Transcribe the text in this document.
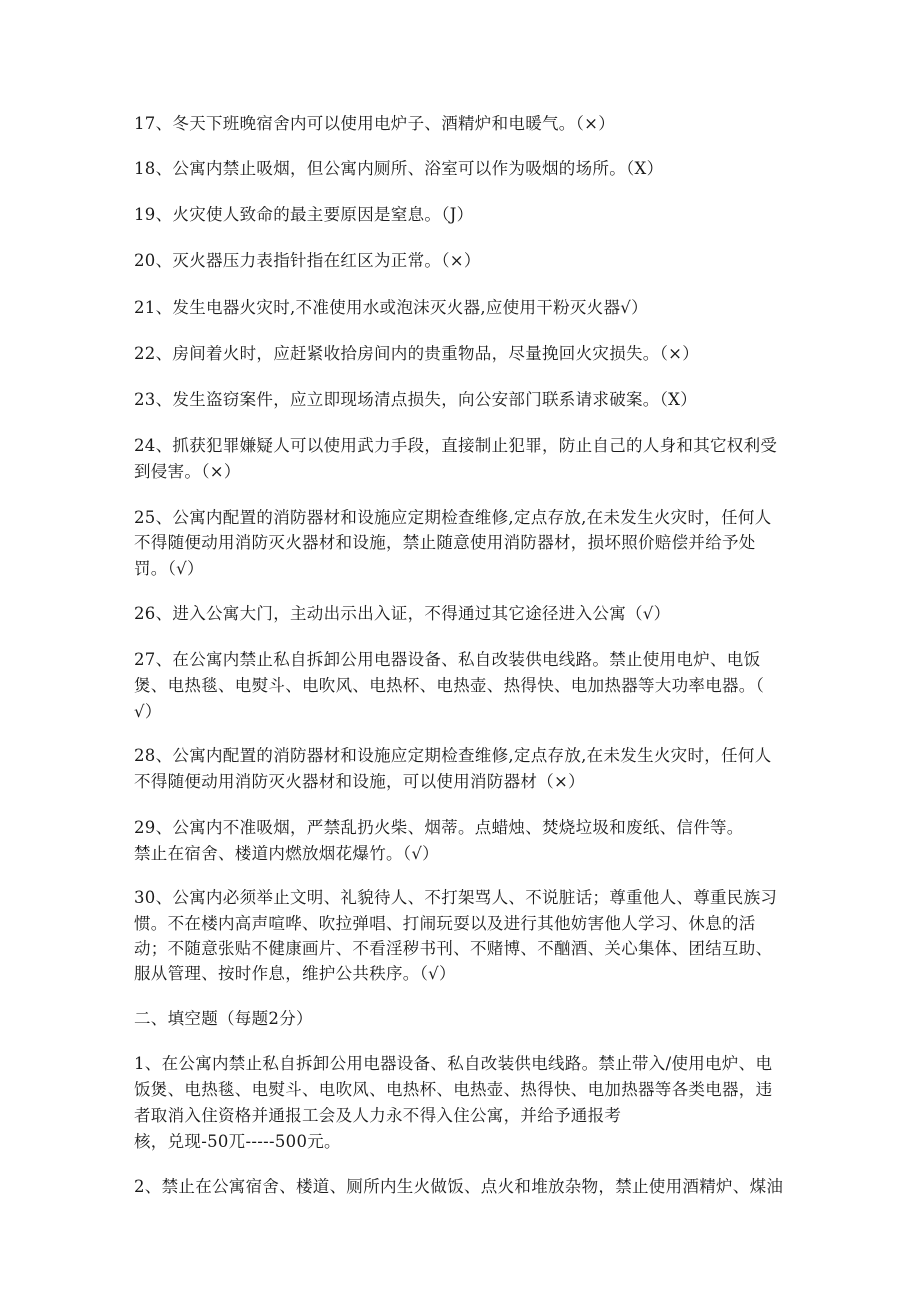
17、冬天下班晚宿舍内可以使用电炉子、酒精炉和电暖气。（×）
18、公寓内禁止吸烟，但公寓内厕所、浴室可以作为吸烟的场所。（X）
19、火灾使人致命的最主要原因是窒息。（J）
20、灭火器压力表指针指在红区为正常。（×）
21、发生电器火灾时,不准使用水或泡沫灭火器,应使用干粉灭火器√）
22、房间着火时，应赶紧收拾房间内的贵重物品，尽量挽回火灾损失。（×）
23、发生盗窃案件，应立即现场清点损失，向公安部门联系请求破案。（X）
24、抓获犯罪嫌疑人可以使用武力手段，直接制止犯罪，防止自己的人身和其它权利受
到侵害。（×）
25、公寓内配置的消防器材和设施应定期检查维修,定点存放,在未发生火灾时，任何人
不得随便动用消防灭火器材和设施，禁止随意使用消防器材，损坏照价赔偿并给予处
罚。（√）
26、进入公寓大门，主动出示出入证，不得通过其它途径进入公寓（√）
27、在公寓内禁止私自拆卸公用电器设备、私自改装供电线路。禁止使用电炉、电饭
煲、电热毯、电熨斗、电吹风、电热杯、电热壶、热得快、电加热器等大功率电器。（
√）
28、公寓内配置的消防器材和设施应定期检查维修,定点存放,在未发生火灾时，任何人
不得随便动用消防灭火器材和设施，可以使用消防器材（×）
29、公寓内不准吸烟，严禁乱扔火柴、烟蒂。点蜡烛、焚烧垃圾和废纸、信件等。
禁止在宿舍、楼道内燃放烟花爆竹。（√）
30、公寓内必须举止文明、礼貌待人、不打架骂人、不说脏话；尊重他人、尊重民族习
惯。不在楼内高声喧哗、吹拉弹唱、打闹玩耍以及进行其他妨害他人学习、休息的活
动；不随意张贴不健康画片、不看淫秽书刊、不赌博、不酗酒、关心集体、团结互助、
服从管理、按时作息，维护公共秩序。（√）
二、填空题（每题2分）
1、在公寓内禁止私自拆卸公用电器设备、私自改装供电线路。禁止带入/使用电炉、电
饭煲、电热毯、电熨斗、电吹风、电热杯、电热壶、热得快、电加热器等各类电器，违
者取消入住资格并通报工会及人力永不得入住公寓，并给予通报考
核，兑现-50兀-----500元。
2、禁止在公寓宿舍、楼道、厕所内生火做饭、点火和堆放杂物，禁止使用酒精炉、煤油
